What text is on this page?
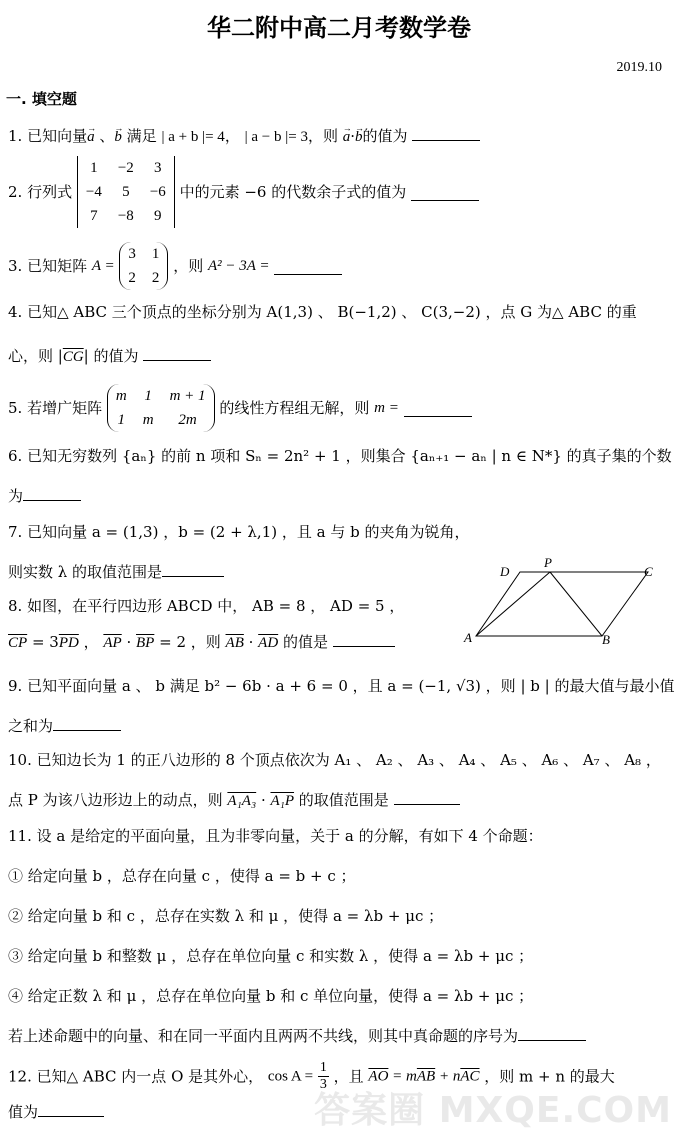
华二附中高二月考数学卷
2019.10
一. 填空题
1. 已知向量→ a 、→ b 满足 | a + b |= 4， | a − b |= 3，则 → a·→ b的值为
2. 行列式
1	−2	3
−4	5	−6
7	−8	9
中的元素 −6 的代数余子式的值为
3. 已知矩阵 A =
3	1
2	2
，则 A² − 3A =
4. 已知△ ABC 三个顶点的坐标分别为 A(1,3) 、 B(−1,2) 、 C(3,−2) ，点 G 为△ ABC 的重
心，则 $|\overline{CG}|$ 的值为
5. 若增广矩阵
m	1	m + 1
1	m	2m
的线性方程组无解，则 m =
6. 已知无穷数列 {aₙ} 的前 n 项和 Sₙ = 2n² + 1 ，则集合 {aₙ₊₁ − aₙ | n ∈ N*} 的真子集的个数
为
7. 已知向量 a = (1,3) ，b = (2 + λ,1) ，且 a 与 b 的夹角为锐角，
则实数 λ 的取值范围是
8. 如图，在平行四边形 ABCD 中， AB = 8 ， AD = 5 ，
$\overline{CP} = 3\overline{PD}$ ， $\overline{AP} \cdot \overline{BP} = 2$ ，则 $\overline{AB} \cdot \overline{AD}$ 的值是	A	B
C
D
P
9. 已知平面向量 a 、 b 满足 b² − 6b · a + 6 = 0 ，且 a = (−1, √3) ，则 | b | 的最大值与最小值
之和为
10. 已知边长为 1 的正八边形的 8 个顶点依次为 A₁ 、 A₂ 、 A₃ 、 A₄ 、 A₅ 、 A₆ 、 A₇ 、 A₈ ，
点 P 为该八边形边上的动点，则 A₁A₃ · A₁P 的取值范围是
11. 设 a 是给定的平面向量，且为非零向量，关于 a 的分解，有如下 4 个命题：
① 给定向量 b ，总存在向量 c ，使得 a = b + c ；
② 给定向量 b 和 c ，总存在实数 λ 和 μ ，使得 a = λb + μc ；
③ 给定向量 b 和整数 μ ，总存在单位向量 c 和实数 λ ，使得 a = λb + μc ；
④ 给定正数 λ 和 μ ，总存在单位向量 b 和 c 单位向量，使得 a = λb + μc ；
若上述命题中的向量、和在同一平面内且两两不共线，则其中真命题的序号为
12. 已知△ ABC 内一点 O 是其外心， $\cos A = \frac{1}{3}$ ，且 $\overline{AO} = m\overline{AB} + n\overline{AC}$ ，则 m + n 的最大
值为	答案圈 MXQE.COM
